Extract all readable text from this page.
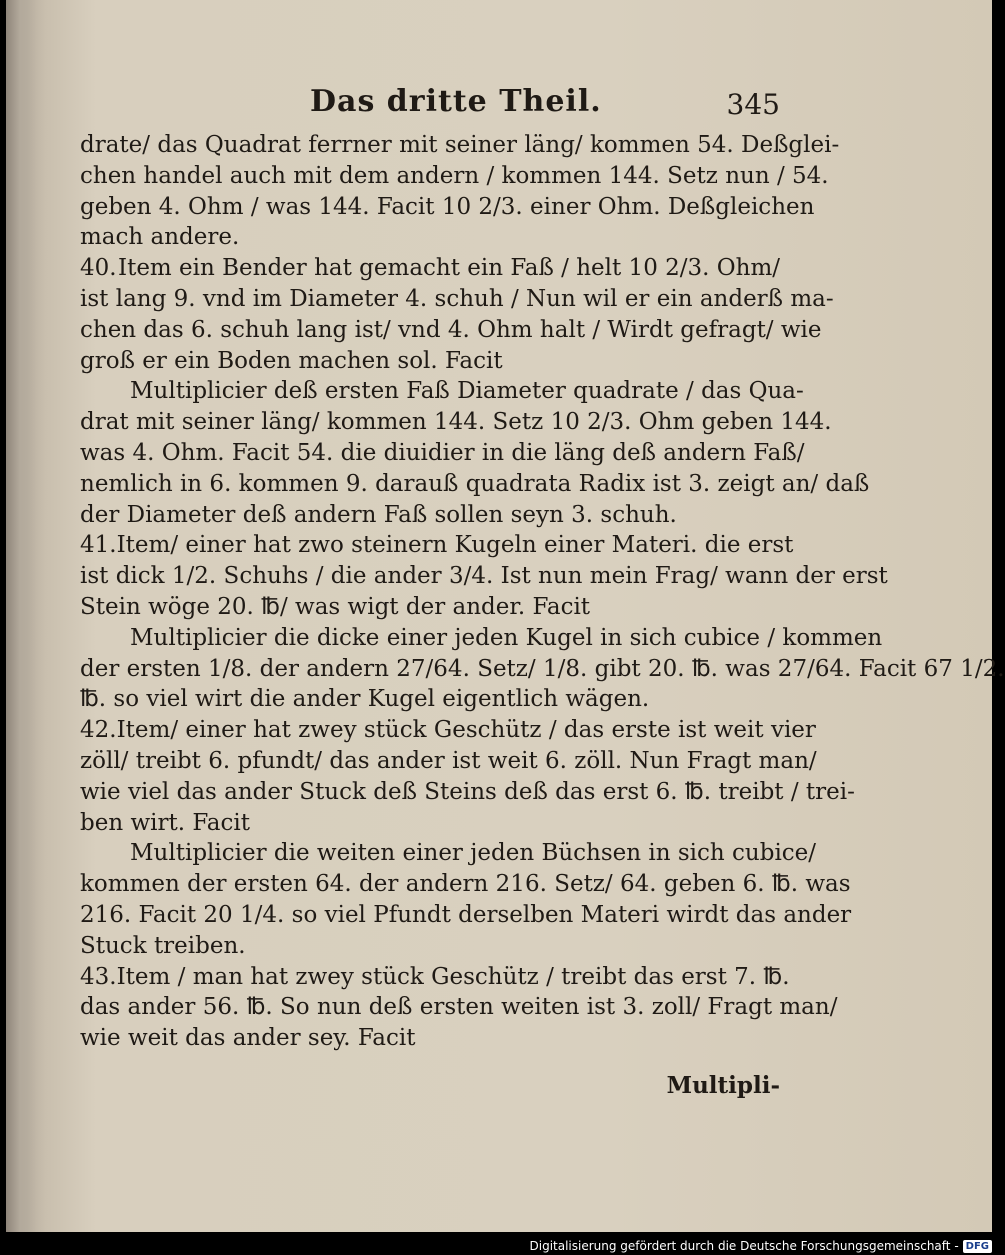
Das dritte Theil.	345
drate/ das Quadrat ferrner mit seiner läng/ kommen 54. Deßglei-
chen handel auch mit dem andern / kommen 144. Setz nun / 54.
geben 4. Ohm / was 144. Facit 10 2/3. einer Ohm. Deßgleichen
mach andere.
40. Item ein Bender hat gemacht ein Faß / helt 10 2/3. Ohm/
ist lang 9. vnd im Diameter 4. schuh / Nun wil er ein anderß ma-
chen das 6. schuh lang ist/ vnd 4. Ohm halt / Wirdt gefragt/ wie
groß er ein Boden machen sol. Facit
Multiplicier deß ersten Faß Diameter quadrate / das Qua-
drat mit seiner läng/ kommen 144. Setz 10 2/3. Ohm geben 144.
was 4. Ohm. Facit 54. die diuidier in die läng deß andern Faß/
nemlich in 6. kommen 9. darauß quadrata Radix ist 3. zeigt an/ daß
der Diameter deß andern Faß sollen seyn 3. schuh.
41. Item/ einer hat zwo steinern Kugeln einer Materi. die erst
ist dick 1/2. Schuhs / die ander 3/4. Ist nun mein Frag/ wann der erst
Stein wöge 20. ℔/ was wigt der ander. Facit
Multiplicier die dicke einer jeden Kugel in sich cubice / kommen
der ersten 1/8. der andern 27/64. Setz/ 1/8. gibt 20. ℔. was 27/64. Facit 67 1/2.
℔. so viel wirt die ander Kugel eigentlich wägen.
42. Item/ einer hat zwey stück Geschütz / das erste ist weit vier
zöll/ treibt 6. pfundt/ das ander ist weit 6. zöll. Nun Fragt man/
wie viel das ander Stuck deß Steins deß das erst 6. ℔. treibt / trei-
ben wirt. Facit
Multiplicier die weiten einer jeden Büchsen in sich cubice/
kommen der ersten 64. der andern 216. Setz/ 64. geben 6. ℔. was
216. Facit 20 1/4. so viel Pfundt derselben Materi wirdt das ander
Stuck treiben.
43. Item / man hat zwey stück Geschütz / treibt das erst 7. ℔.
das ander 56. ℔. So nun deß ersten weiten ist 3. zoll/ Fragt man/
wie weit das ander sey. Facit
Multipli-
Digitalisierung gefördert durch die Deutsche Forschungsgemeinschaft - DFG
